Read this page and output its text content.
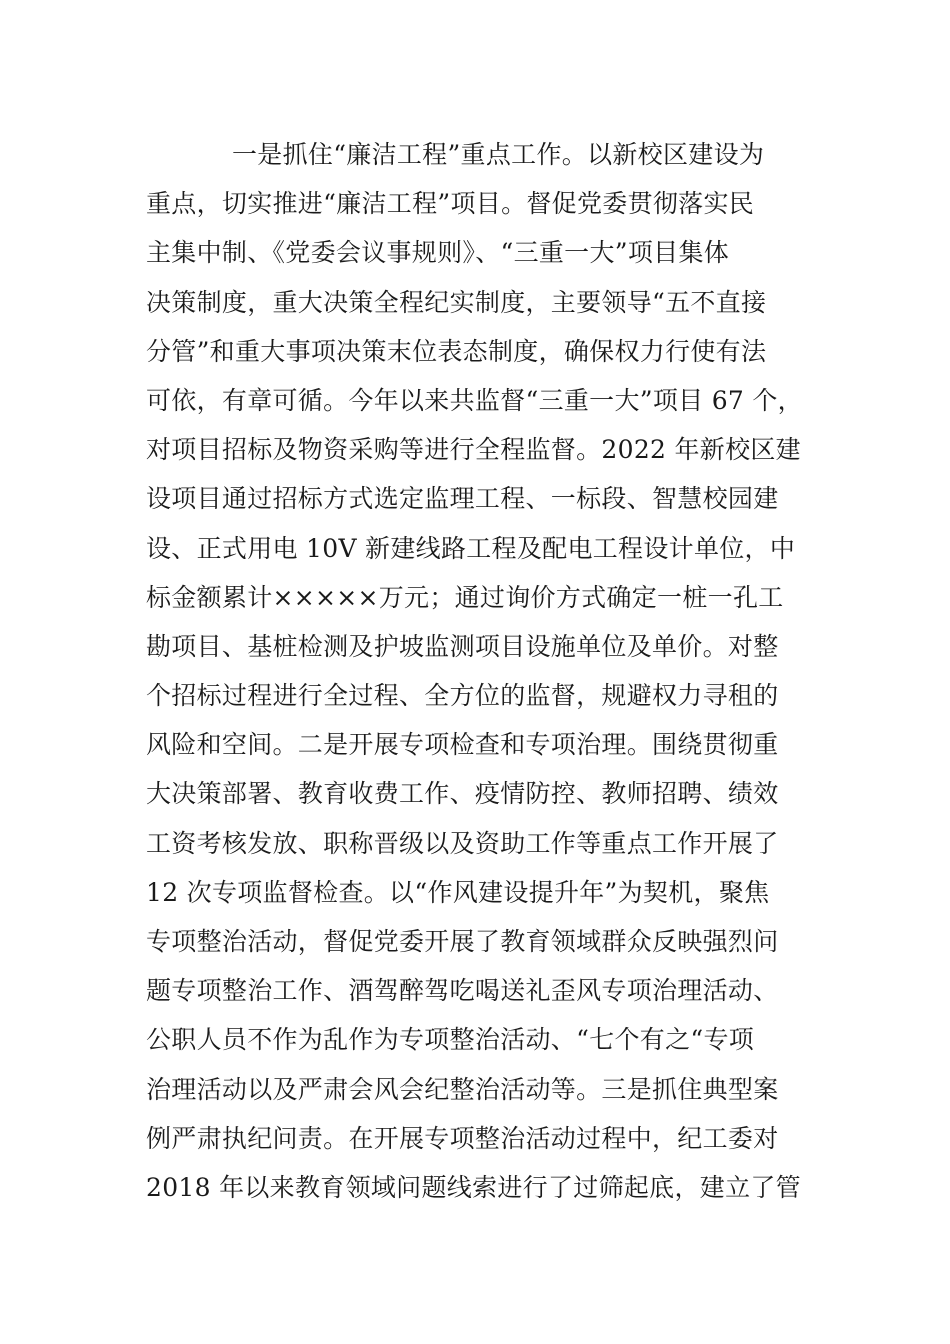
一是抓住“廉洁工程”重点工作。以新校区建设为
重点，切实推进“廉洁工程”项目。督促党委贯彻落实民
主集中制、《党委会议事规则》、“三重一大”项目集体
决策制度，重大决策全程纪实制度，主要领导“五不直接
分管”和重大事项决策末位表态制度，确保权力行使有法
可依，有章可循。今年以来共监督“三重一大”项目 67 个，
对项目招标及物资采购等进行全程监督。2022 年新校区建
设项目通过招标方式选定监理工程、一标段、智慧校园建
设、正式用电 10V 新建线路工程及配电工程设计单位，中
标金额累计×××××万元；通过询价方式确定一桩一孔工
勘项目、基桩检测及护坡监测项目设施单位及单价。对整
个招标过程进行全过程、全方位的监督，规避权力寻租的
风险和空间。二是开展专项检查和专项治理。围绕贯彻重
大决策部署、教育收费工作、疫情防控、教师招聘、绩效
工资考核发放、职称晋级以及资助工作等重点工作开展了
12 次专项监督检查。以“作风建设提升年”为契机，聚焦
专项整治活动，督促党委开展了教育领域群众反映强烈问
题专项整治工作、酒驾醉驾吃喝送礼歪风专项治理活动、
公职人员不作为乱作为专项整治活动、“七个有之“专项
治理活动以及严肃会风会纪整治活动等。三是抓住典型案
例严肃执纪问责。在开展专项整治活动过程中，纪工委对
2018 年以来教育领域问题线索进行了过筛起底，建立了管
